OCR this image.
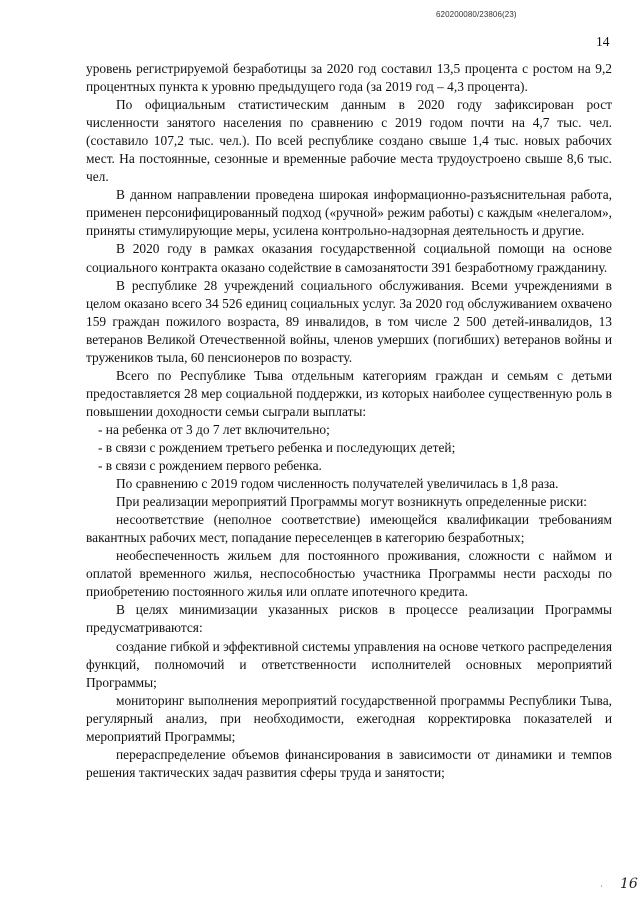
620200080/23806(23)
14

уровень регистрируемой безработицы за 2020 год составил 13,5 процента с ростом на 9,2 процентных пункта к уровню предыдущего года (за 2019 год – 4,3 процента).

По официальным статистическим данным в 2020 году зафиксирован рост численности занятого населения по сравнению с 2019 годом почти на 4,7 тыс. чел. (составило 107,2 тыс. чел.). По всей республике создано свыше 1,4 тыс. новых рабочих мест. На постоянные, сезонные и временные рабочие места трудоустроено свыше 8,6 тыс. чел.

В данном направлении проведена широкая информационно-разъяснительная работа, применен персонифицированный подход («ручной» режим работы) с каждым «нелегалом», приняты стимулирующие меры, усилена контрольно-надзорная деятельность и другие.

В 2020 году в рамках оказания государственной социальной помощи на основе социального контракта оказано содействие в самозанятости 391 безработному гражданину.

В республике 28 учреждений социального обслуживания. Всеми учреждениями в целом оказано всего 34 526 единиц социальных услуг. За 2020 год обслуживанием охвачено 159 граждан пожилого возраста, 89 инвалидов, в том числе 2 500 детей-инвалидов, 13 ветеранов Великой Отечественной войны, членов умерших (погибших) ветеранов войны и тружеников тыла, 60 пенсионеров по возрасту.

Всего по Республике Тыва отдельным категориям граждан и семьям с детьми предоставляется 28 мер социальной поддержки, из которых наиболее существенную роль в повышении доходности семьи сыграли выплаты:

- на ребенка от 3 до 7 лет включительно;

- в связи с рождением третьего ребенка и последующих детей;

- в связи с рождением первого ребенка.

По сравнению с 2019 годом численность получателей увеличилась в 1,8 раза.

При реализации мероприятий Программы могут возникнуть определенные риски:

несоответствие (неполное соответствие) имеющейся квалификации требованиям вакантных рабочих мест, попадание переселенцев в категорию безработных;

необеспеченность жильем для постоянного проживания, сложности с наймом и оплатой временного жилья, неспособностью участника Программы нести расходы по приобретению постоянного жилья или оплате ипотечного кредита.

В целях минимизации указанных рисков в процессе реализации Программы предусматриваются:

создание гибкой и эффективной системы управления на основе четкого распределения функций, полномочий и ответственности исполнителей основных мероприятий Программы;

мониторинг выполнения мероприятий государственной программы Республики Тыва, регулярный анализ, при необходимости, ежегодная корректировка показателей и мероприятий Программы;

перераспределение объемов финансирования в зависимости от динамики и темпов решения тактических задач развития сферы труда и занятости;

˙ 16
